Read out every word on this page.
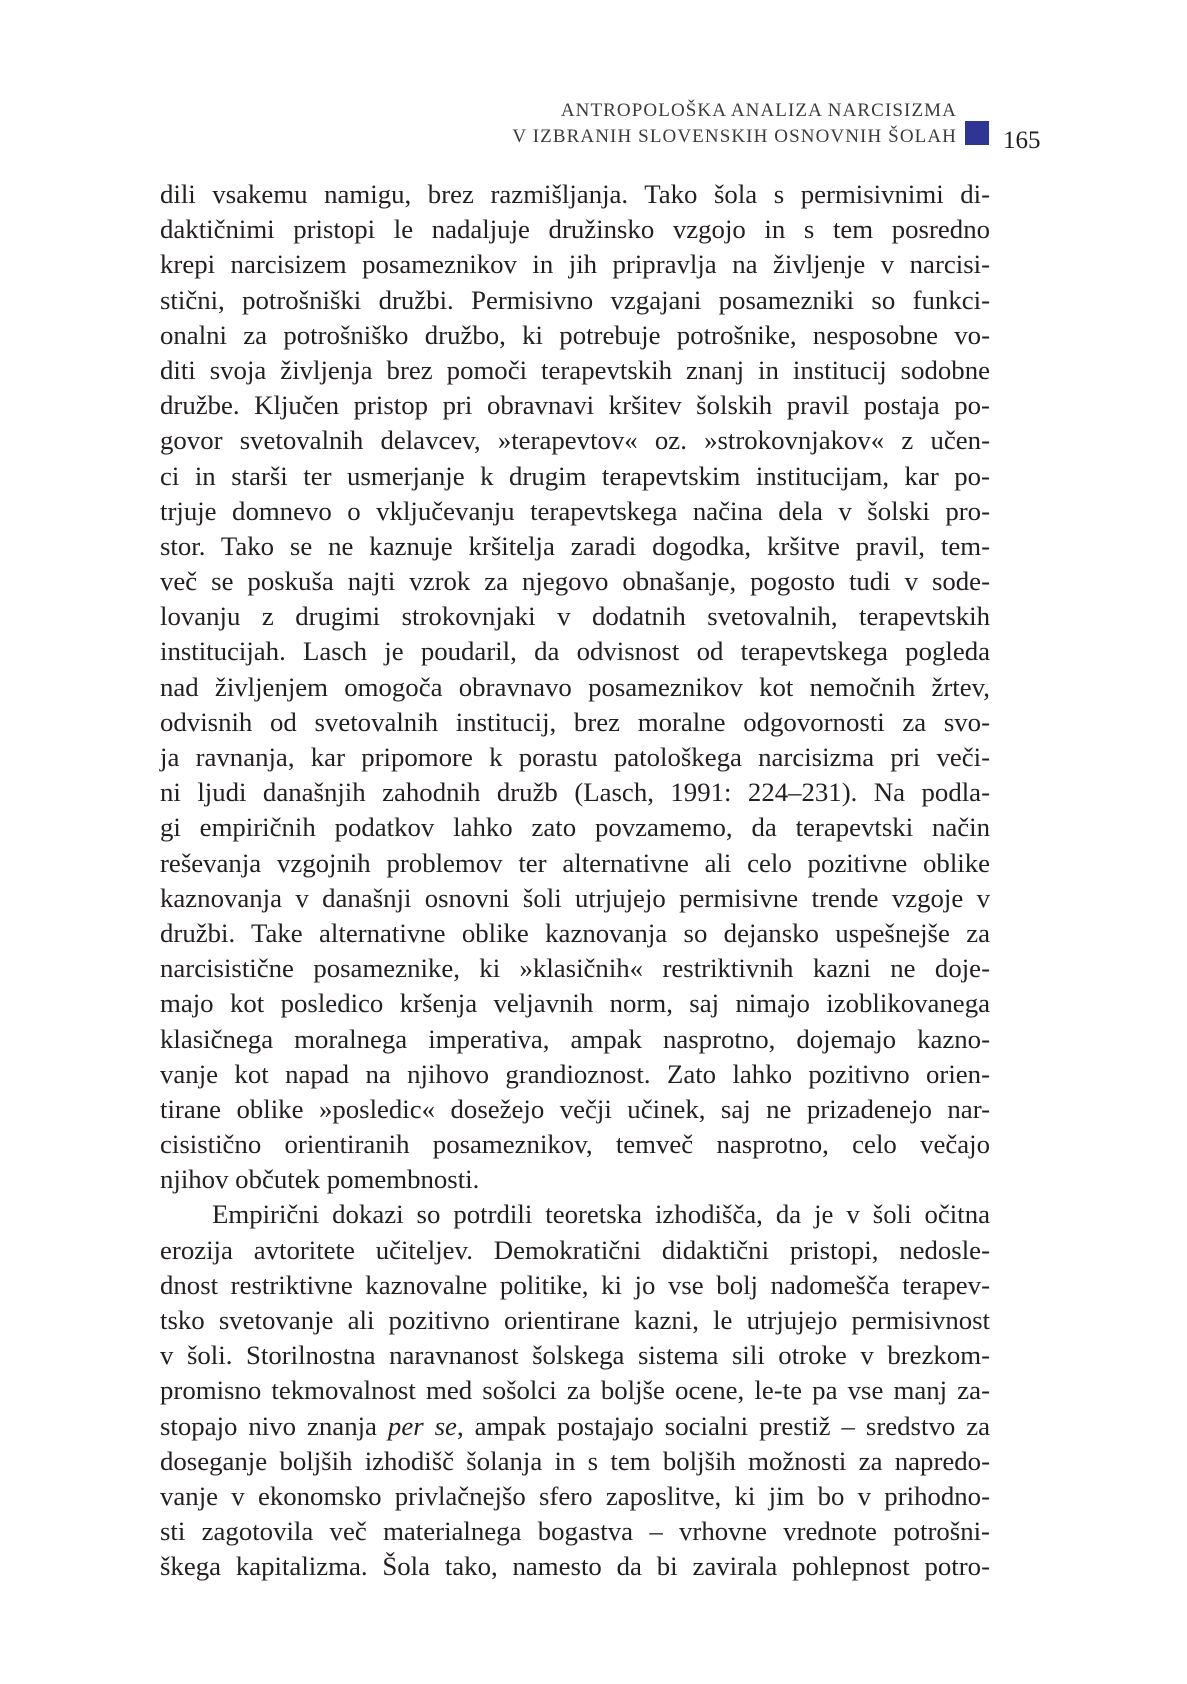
ANTROPOLOŠKA ANALIZA NARCISIZMA
V IZBRANIH SLOVENSKIH OSNOVNIH ŠOLAH 165
dili vsakemu namigu, brez razmišljanja. Tako šola s permisivnimi di-
daktičnimi pristopi le nadaljuje družinsko vzgojo in s tem posredno
krepi narcisizem posameznikov in jih pripravlja na življenje v narcisi-
stični, potrošniški družbi. Permisivno vzgajani posamezniki so funkci-
onalni za potrošniško družbo, ki potrebuje potrošnike, nesposobne vo-
diti svoja življenja brez pomoči terapevtskih znanj in institucij sodobne
družbe. Ključen pristop pri obravnavi kršitev šolskih pravil postaja po-
govor svetovalnih delavcev, »terapevtov« oz. »strokovnjakov« z učen-
ci in starši ter usmerjanje k drugim terapevtskim institucijam, kar po-
trjuje domnevo o vključevanju terapevtskega načina dela v šolski pro-
stor. Tako se ne kaznuje kršitelja zaradi dogodka, kršitve pravil, tem-
več se poskuša najti vzrok za njegovo obnašanje, pogosto tudi v sode-
lovanju z drugimi strokovnjaki v dodatnih svetovalnih, terapevtskih
institucijah. Lasch je poudaril, da odvisnost od terapevtskega pogleda
nad življenjem omogoča obravnavo posameznikov kot nemočnih žrtev,
odvisnih od svetovalnih institucij, brez moralne odgovornosti za svo-
ja ravnanja, kar pripomore k porastu patološkega narcisizma pri veči-
ni ljudi današnjih zahodnih družb (Lasch, 1991: 224–231). Na podla-
gi empiričnih podatkov lahko zato povzamemo, da terapevtski način
reševanja vzgojnih problemov ter alternativne ali celo pozitivne oblike
kaznovanja v današnji osnovni šoli utrjujejo permisivne trende vzgoje v
družbi. Take alternativne oblike kaznovanja so dejansko uspešnejše za
narcisistične posameznike, ki »klasičnih« restriktivnih kazni ne doje-
majo kot posledico kršenja veljavnih norm, saj nimajo izoblikovanega
klasičnega moralnega imperativa, ampak nasprotno, dojemajo kazno-
vanje kot napad na njihovo grandioznost. Zato lahko pozitivno orien-
tirane oblike »posledic« dosežejo večji učinek, saj ne prizadenejo nar-
cisistično orientiranih posameznikov, temveč nasprotno, celo večajo
njihov občutek pomembnosti.
Empirični dokazi so potrdili teoretska izhodišča, da je v šoli očitna
erozija avtoritete učiteljev. Demokratični didaktični pristopi, nedosle-
dnost restriktivne kaznovalne politike, ki jo vse bolj nadomešča terapev-
tsko svetovanje ali pozitivno orientirane kazni, le utrjujejo permisivnost
v šoli. Storilnostna naravnanost šolskega sistema sili otroke v brezkom-
promisno tekmovalnost med sošolci za boljše ocene, le-te pa vse manj za-
stopajo nivo znanja per se, ampak postajajo socialni prestiž – sredstvo za
doseganje boljših izhodišč šolanja in s tem boljših možnosti za napredo-
vanje v ekonomsko privlačnejšo sfero zaposlitve, ki jim bo v prihodno-
sti zagotovila več materialnega bogastva – vrhovne vrednote potrošni-
škega kapitalizma. Šola tako, namesto da bi zavirala pohlepnost potro-
